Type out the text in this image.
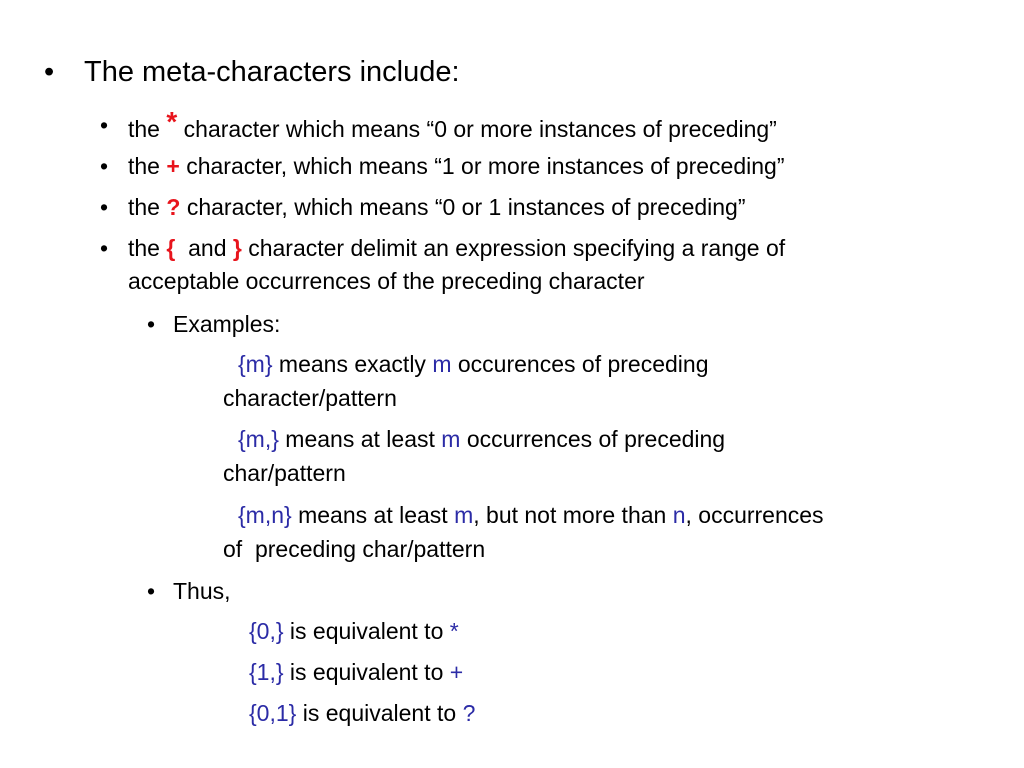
• The meta-characters include:
• the * character which means “0 or more instances of preceding”
• the + character, which means “1 or more instances of preceding”
• the ? character, which means “0 or 1 instances of preceding”
• the {  and } character delimit an expression specifying a range of
acceptable occurrences of the preceding character
• Examples:
{m} means exactly m occurences of preceding
character/pattern
{m,} means at least m occurrences of preceding
char/pattern
{m,n} means at least m, but not more than n, occurrences
of  preceding char/pattern
• Thus,
{0,} is equivalent to *
{1,} is equivalent to +
{0,1} is equivalent to ?
